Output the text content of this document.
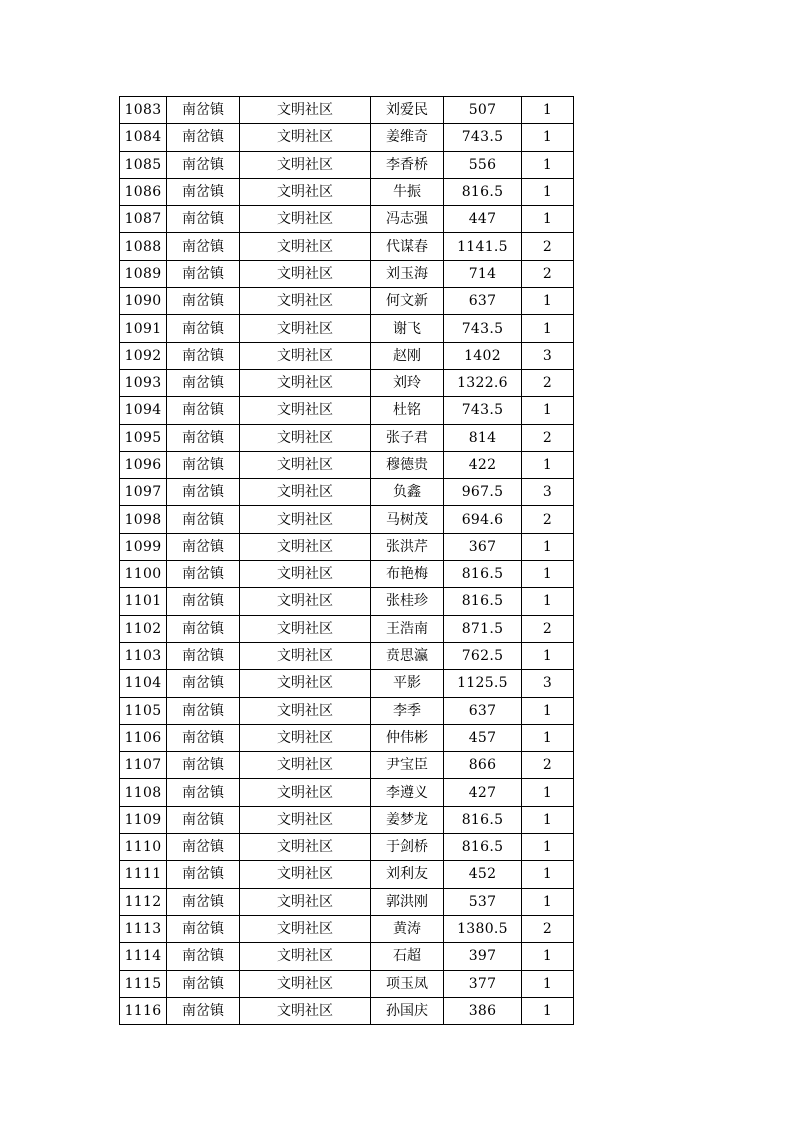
1083	南岔镇	文明社区	刘爱民	507	1
1084	南岔镇	文明社区	姜维奇	743.5	1
1085	南岔镇	文明社区	李香桥	556	1
1086	南岔镇	文明社区	牛振	816.5	1
1087	南岔镇	文明社区	冯志强	447	1
1088	南岔镇	文明社区	代谋春	1141.5	2
1089	南岔镇	文明社区	刘玉海	714	2
1090	南岔镇	文明社区	何文新	637	1
1091	南岔镇	文明社区	谢飞	743.5	1
1092	南岔镇	文明社区	赵刚	1402	3
1093	南岔镇	文明社区	刘玲	1322.6	2
1094	南岔镇	文明社区	杜铭	743.5	1
1095	南岔镇	文明社区	张子君	814	2
1096	南岔镇	文明社区	穆德贵	422	1
1097	南岔镇	文明社区	负鑫	967.5	3
1098	南岔镇	文明社区	马树茂	694.6	2
1099	南岔镇	文明社区	张洪芹	367	1
1100	南岔镇	文明社区	布艳梅	816.5	1
1101	南岔镇	文明社区	张桂珍	816.5	1
1102	南岔镇	文明社区	王浩南	871.5	2
1103	南岔镇	文明社区	贲思瀛	762.5	1
1104	南岔镇	文明社区	平影	1125.5	3
1105	南岔镇	文明社区	李季	637	1
1106	南岔镇	文明社区	仲伟彬	457	1
1107	南岔镇	文明社区	尹宝臣	866	2
1108	南岔镇	文明社区	李遵义	427	1
1109	南岔镇	文明社区	姜梦龙	816.5	1
1110	南岔镇	文明社区	于剑桥	816.5	1
1111	南岔镇	文明社区	刘利友	452	1
1112	南岔镇	文明社区	郭洪刚	537	1
1113	南岔镇	文明社区	黄涛	1380.5	2
1114	南岔镇	文明社区	石超	397	1
1115	南岔镇	文明社区	项玉凤	377	1
1116	南岔镇	文明社区	孙国庆	386	1
